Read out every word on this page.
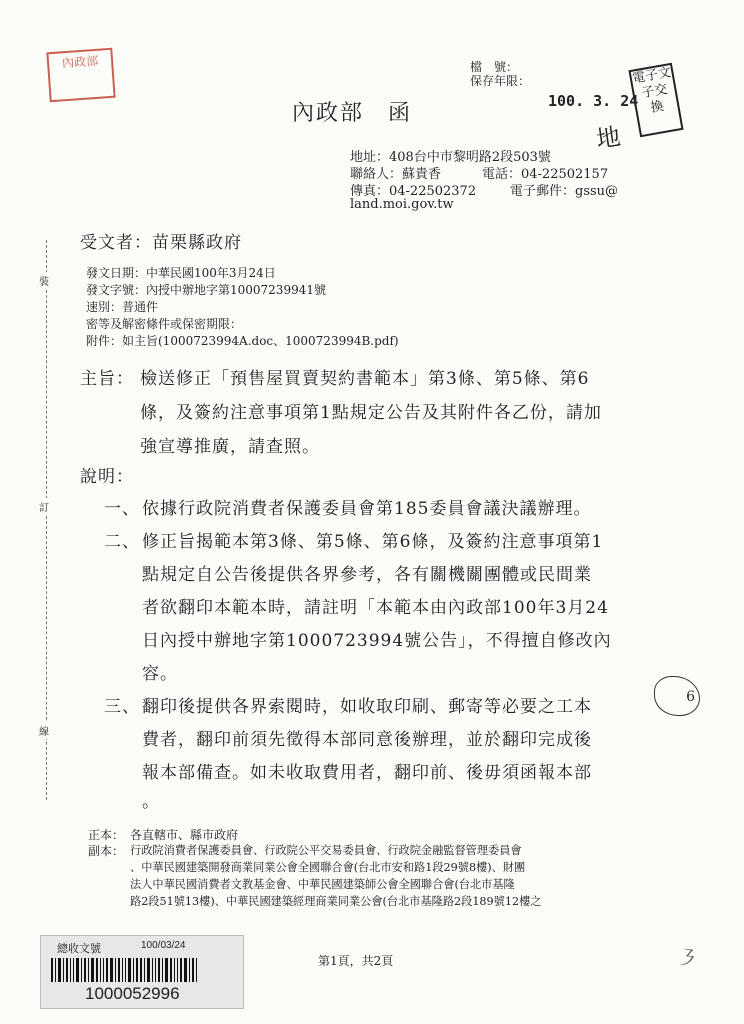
裝
訂
線
內政部
電子文 子交 換
100. 3. 24
地
檔　號：
保存年限：
內政部　函
地址：408台中市黎明路2段503號
聯絡人：蘇貴香	電話：04-22502157
傳真：04-22502372	電子郵件：gssu@
land.moi.gov.tw
受文者：苗栗縣政府
發文日期：中華民國100年3月24日
發文字號：內授中辦地字第10007239941號
速別：普通件
密等及解密條件或保密期限：
附件：如主旨(1000723994A.doc、1000723994B.pdf)
主旨： 檢送修正「預售屋買賣契約書範本」第3條、第5條、第6
條，及簽約注意事項第1點規定公告及其附件各乙份，請加
強宣導推廣，請查照。
說明：
一、 依據行政院消費者保護委員會第185委員會議決議辦理。
二、 修正旨揭範本第3條、第5條、第6條，及簽約注意事項第1
點規定自公告後提供各界參考，各有關機關團體或民間業
者欲翻印本範本時，請註明「本範本由內政部100年3月24
日內授中辦地字第1000723994號公告」，不得擅自修改內
容。
三、 翻印後提供各界索閱時，如收取印刷、郵寄等必要之工本
費者，翻印前須先徵得本部同意後辦理，並於翻印完成後
報本部備查。如未收取費用者，翻印前、後毋須函報本部
。
正本： 各直轄市、縣市政府
副本： 行政院消費者保護委員會、行政院公平交易委員會、行政院金融監督管理委員會
、中華民國建築開發商業同業公會全國聯合會(台北市安和路1段29號8樓)、財團
法人中華民國消費者文教基金會、中華民國建築師公會全國聯合會(台北市基隆
路2段51號13樓)、中華民國建築經理商業同業公會(台北市基隆路2段189號12樓之
6
第1頁，共2頁	㇋
總收文號	100/03/24
1000052996
